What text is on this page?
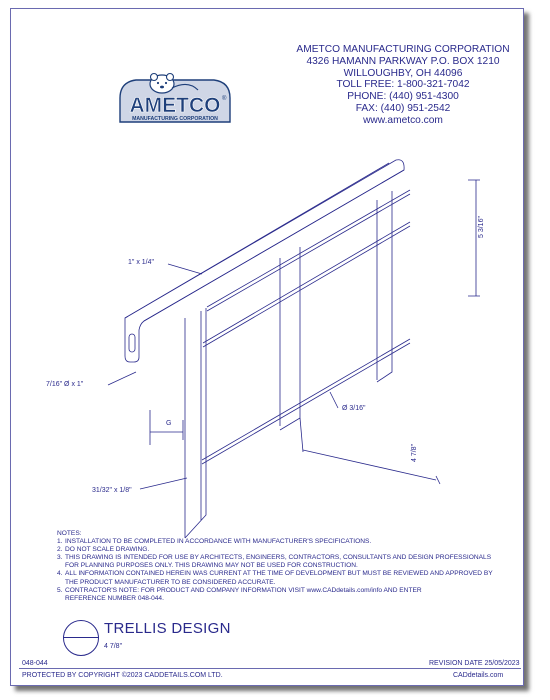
AMETCO MANUFACTURING CORPORATION
4326 HAMANN PARKWAY P.O. BOX 1210
WILLOUGHBY, OH 44096
TOLL FREE: 1-800-321-7042
PHONE: (440) 951-4300
FAX: (440) 951-2542
www.ametco.com
AMETCO ®
MANUFACTURING CORPORATION
1" x 1/4"
5 3/16"
7/16" Ø x 1"
Ø 3/16"
G
4 7/8"
31/32" x 1/8"
NOTES:
1. INSTALLATION TO BE COMPLETED IN ACCORDANCE WITH MANUFACTURER'S SPECIFICATIONS.
2. DO NOT SCALE DRAWING.
3. THIS DRAWING IS INTENDED FOR USE BY ARCHITECTS, ENGINEERS, CONTRACTORS, CONSULTANTS AND DESIGN PROFESSIONALS
FOR PLANNING PURPOSES ONLY. THIS DRAWING MAY NOT BE USED FOR CONSTRUCTION.
4. ALL INFORMATION CONTAINED HEREIN WAS CURRENT AT THE TIME OF DEVELOPMENT BUT MUST BE REVIEWED AND APPROVED BY
THE PRODUCT MANUFACTURER TO BE CONSIDERED ACCURATE.
5. CONTRACTOR'S NOTE: FOR PRODUCT AND COMPANY INFORMATION VISIT www.CADdetails.com/info AND ENTER
REFERENCE NUMBER 048-044.
TRELLIS DESIGN
4 7/8"
048-044	REVISION DATE 25/05/2023
PROTECTED BY COPYRIGHT ©2023 CADDETAILS.COM LTD.	CADdetails.com
